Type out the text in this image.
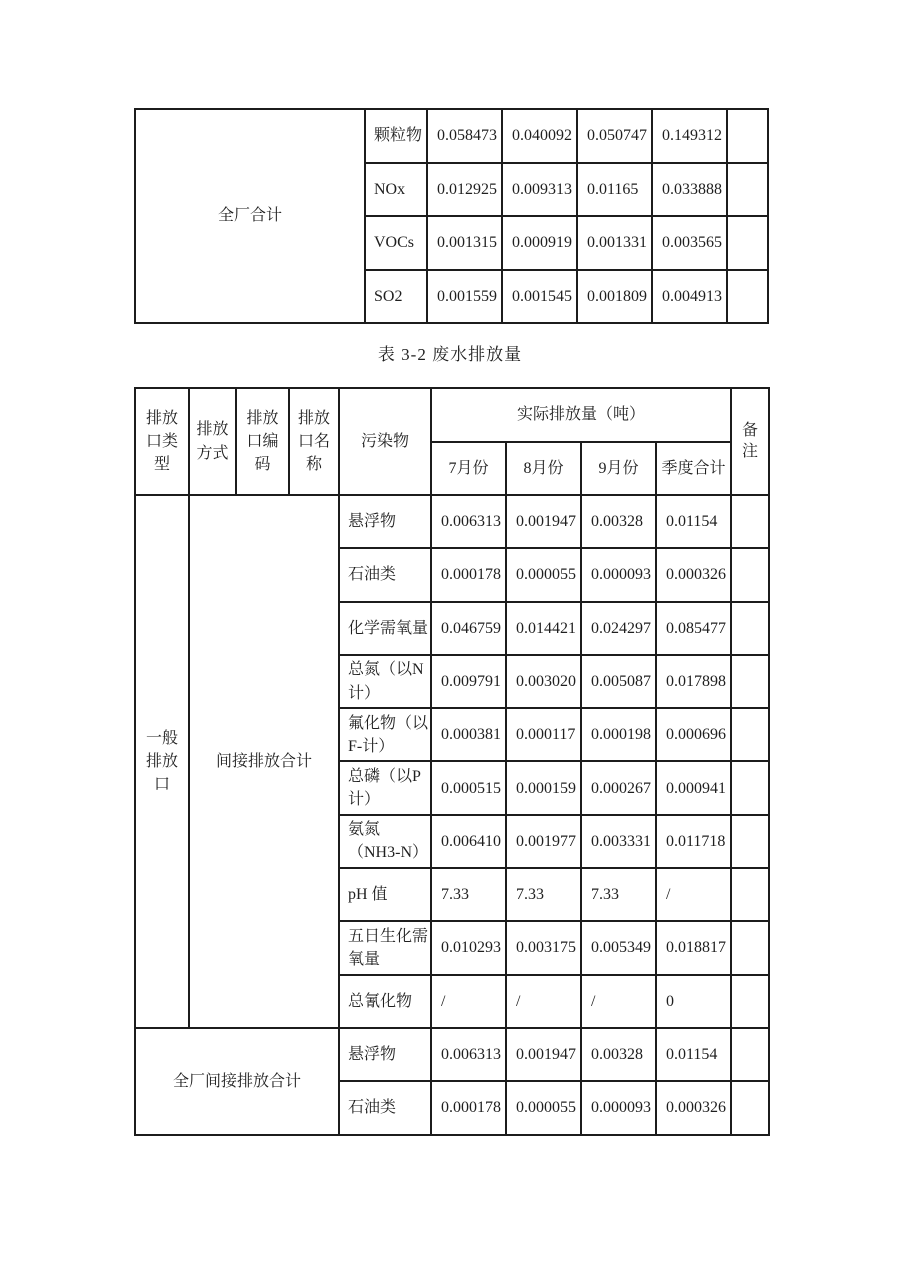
全厂合计	颗粒物	0.058473	0.040092	0.050747	0.149312	
	NOx	0.012925	0.009313	0.01165	0.033888	
	VOCs	0.001315	0.000919	0.001331	0.003565	
	SO2	0.001559	0.001545	0.001809	0.004913	
表 3-2 废水排放量
排放口类型	排放方式	排放口编码	排放口名称	污染物	实际排放量（吨）				备注
					7月份	8月份	9月份	季度合计	
一般排放口	间接排放合计			悬浮物	0.006313	0.001947	0.00328	0.01154	
				石油类	0.000178	0.000055	0.000093	0.000326	
				化学需氧量	0.046759	0.014421	0.024297	0.085477	
				总氮（以N计）	0.009791	0.003020	0.005087	0.017898	
				氟化物（以F-计）	0.000381	0.000117	0.000198	0.000696	
				总磷（以P计）	0.000515	0.000159	0.000267	0.000941	
				氨氮（NH3-N）	0.006410	0.001977	0.003331	0.011718	
				pH 值	7.33	7.33	7.33	/	
				五日生化需氧量	0.010293	0.003175	0.005349	0.018817	
				总氰化物	/	/	/	0	
全厂间接排放合计				悬浮物	0.006313	0.001947	0.00328	0.01154	
				石油类	0.000178	0.000055	0.000093	0.000326	
